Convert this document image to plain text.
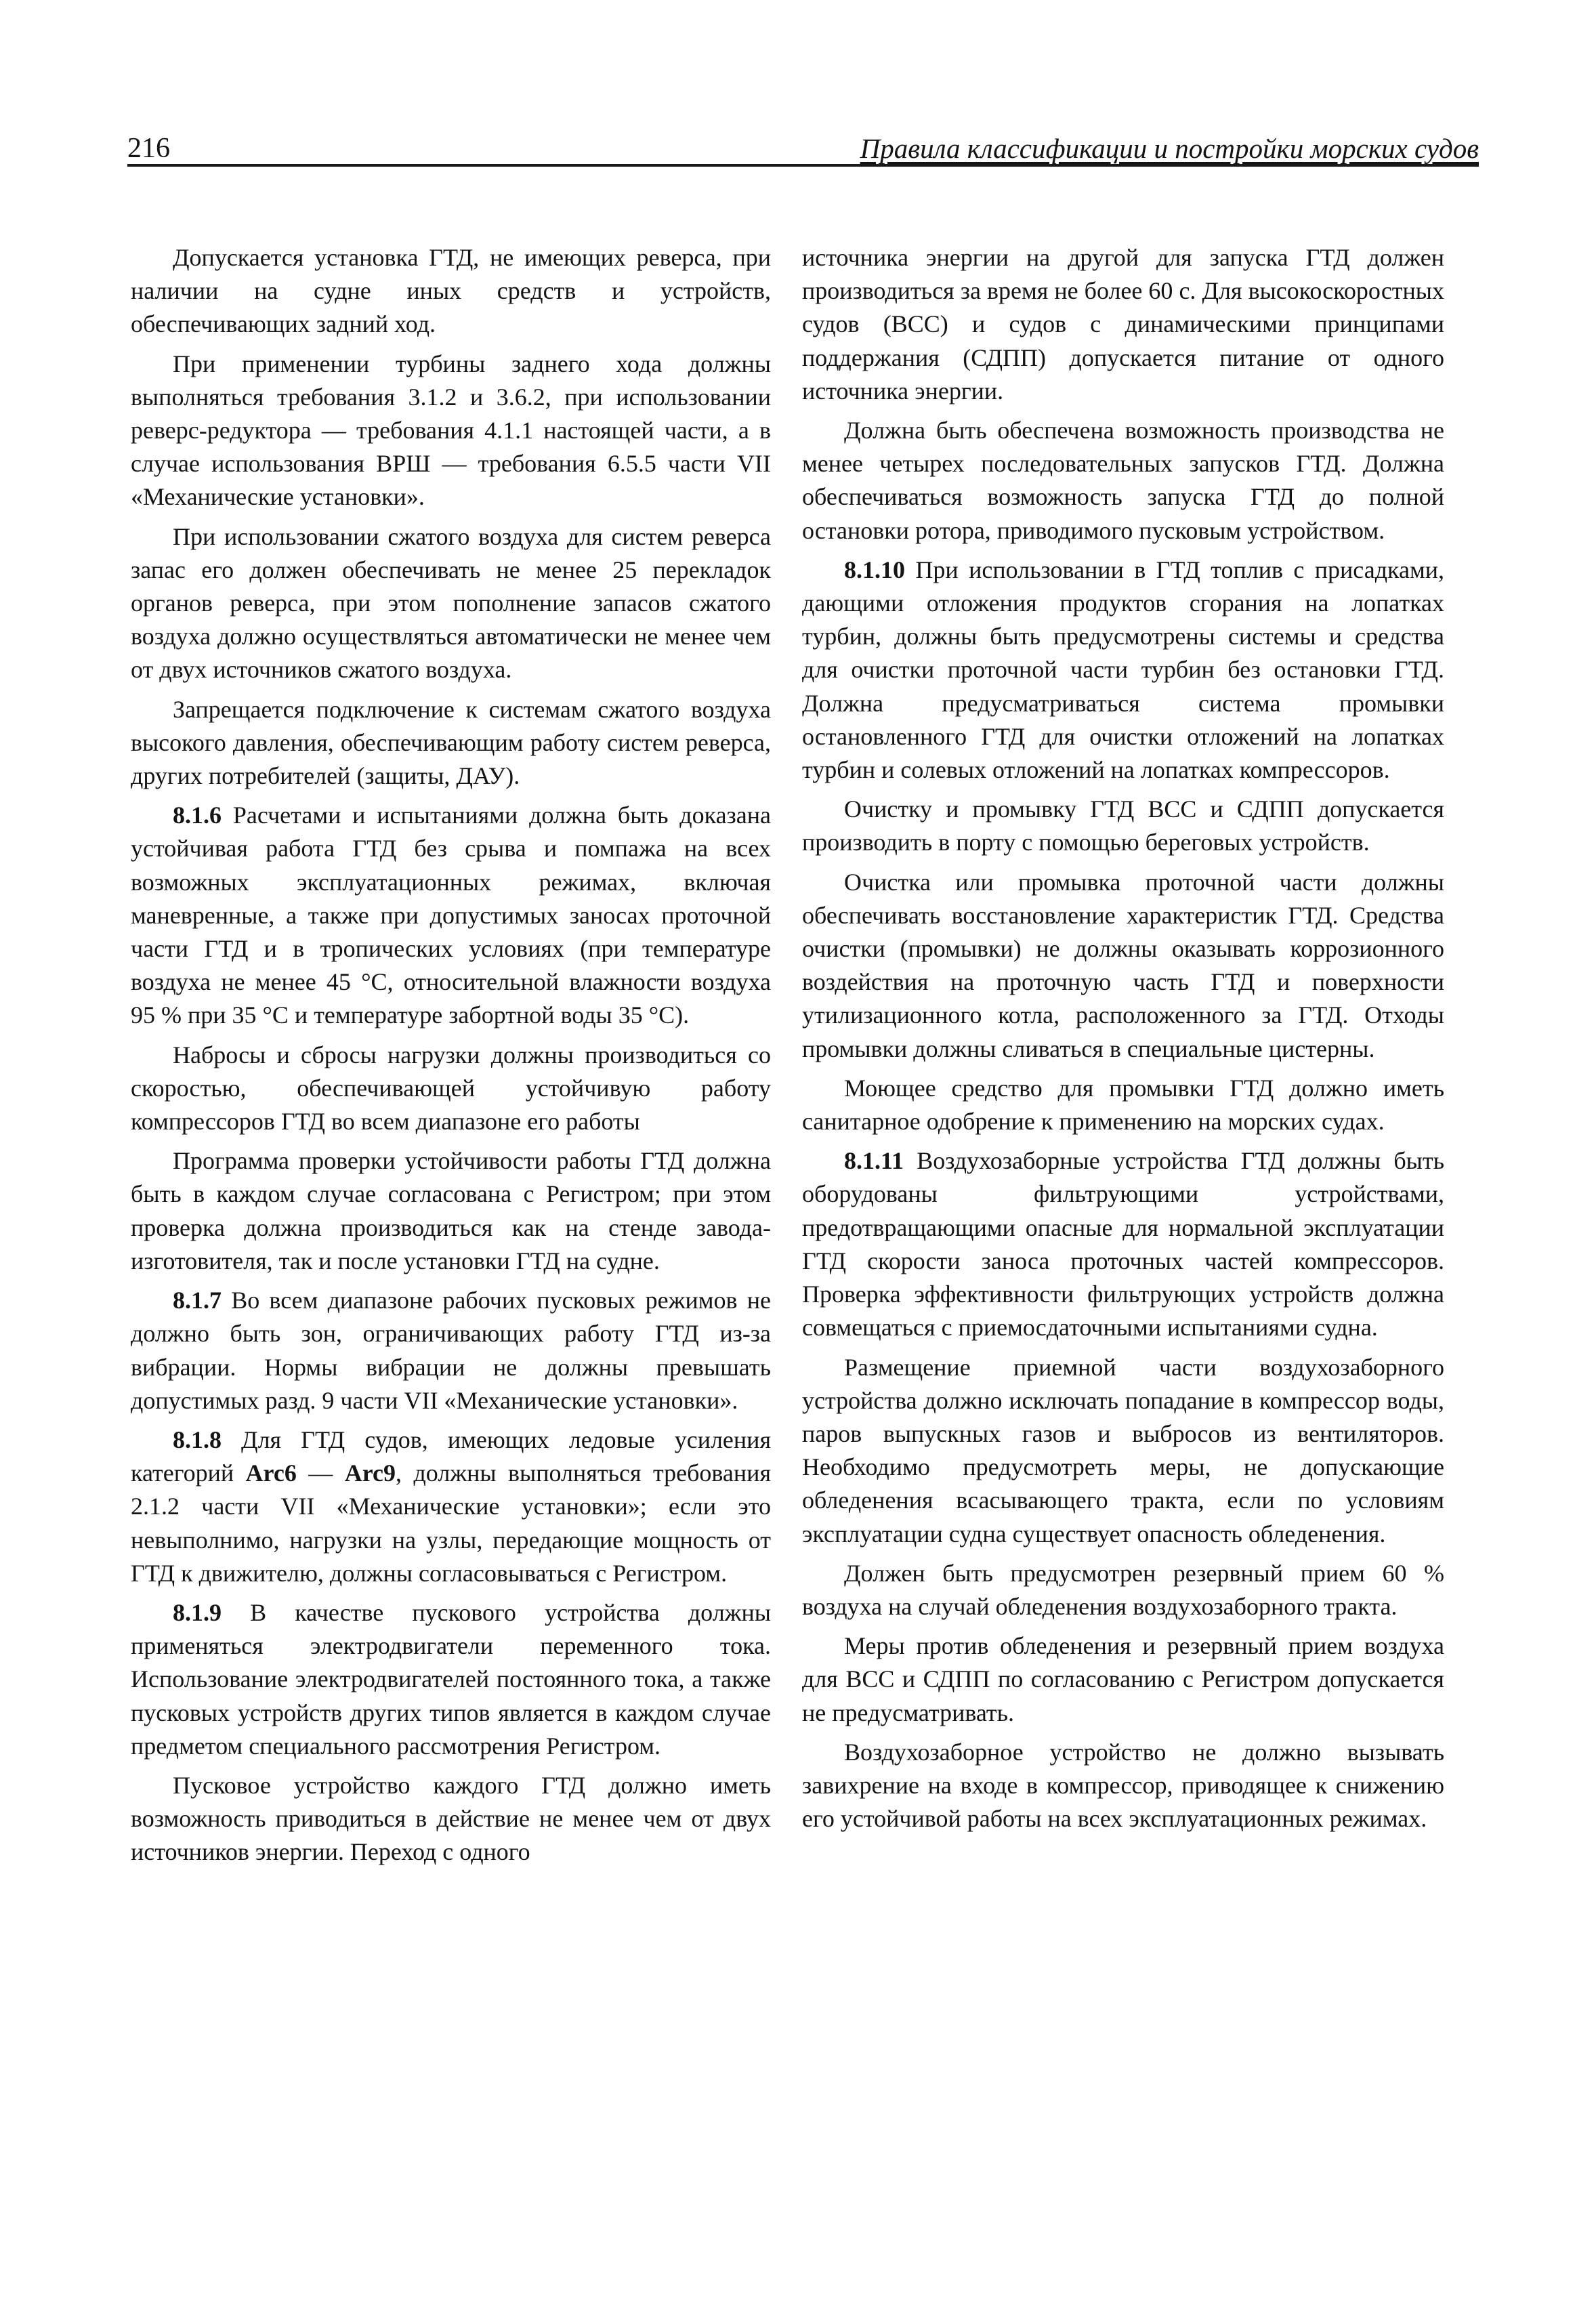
216	Правила классификации и постройки морских судов

Допускается установка ГТД, не имеющих реверса, при наличии на судне иных средств и устройств, обеспечивающих задний ход.

При применении турбины заднего хода должны выполняться требования 3.1.2 и 3.6.2, при использовании реверс-редуктора — требования 4.1.1 настоящей части, а в случае использования ВРШ — требования 6.5.5 части VII «Механические установки».

При использовании сжатого воздуха для систем реверса запас его должен обеспечивать не менее 25 перекладок органов реверса, при этом пополнение запасов сжатого воздуха должно осуществляться автоматически не менее чем от двух источников сжатого воздуха.

Запрещается подключение к системам сжатого воздуха высокого давления, обеспечивающим работу систем реверса, других потребителей (защиты, ДАУ).

8.1.6 Расчетами и испытаниями должна быть доказана устойчивая работа ГТД без срыва и помпажа на всех возможных эксплуатационных режимах, включая маневренные, а также при допустимых заносах проточной части ГТД и в тропических условиях (при температуре воздуха не менее 45 °С, относительной влажности воздуха 95 % при 35 °С и температуре забортной воды 35 °С).

Набросы и сбросы нагрузки должны производиться со скоростью, обеспечивающей устойчивую работу компрессоров ГТД во всем диапазоне его работы

Программа проверки устойчивости работы ГТД должна быть в каждом случае согласована с Регистром; при этом проверка должна производиться как на стенде завода-изготовителя, так и после установки ГТД на судне.

8.1.7 Во всем диапазоне рабочих пусковых режимов не должно быть зон, ограничивающих работу ГТД из-за вибрации. Нормы вибрации не должны превышать допустимых разд. 9 части VII «Механические установки».

8.1.8 Для ГТД судов, имеющих ледовые усиления категорий Arc6 — Arc9, должны выполняться требования 2.1.2 части VII «Механические установки»; если это невыполнимо, нагрузки на узлы, передающие мощность от ГТД к движителю, должны согласовываться с Регистром.

8.1.9 В качестве пускового устройства должны применяться электродвигатели переменного тока. Использование электродвигателей постоянного тока, а также пусковых устройств других типов является в каждом случае предметом специального рассмотрения Регистром.

Пусковое устройство каждого ГТД должно иметь возможность приводиться в действие не менее чем от двух источников энергии. Переход с одного

источника энергии на другой для запуска ГТД должен производиться за время не более 60 с. Для высокоскоростных судов (ВСС) и судов с динамическими принципами поддержания (СДПП) допускается питание от одного источника энергии.

Должна быть обеспечена возможность производства не менее четырех последовательных запусков ГТД. Должна обеспечиваться возможность запуска ГТД до полной остановки ротора, приводимого пусковым устройством.

8.1.10 При использовании в ГТД топлив с присадками, дающими отложения продуктов сгорания на лопатках турбин, должны быть предусмотрены системы и средства для очистки проточной части турбин без остановки ГТД. Должна предусматриваться система промывки остановленного ГТД для очистки отложений на лопатках турбин и солевых отложений на лопатках компрессоров.

Очистку и промывку ГТД ВСС и СДПП допускается производить в порту с помощью береговых устройств.

Очистка или промывка проточной части должны обеспечивать восстановление характеристик ГТД. Средства очистки (промывки) не должны оказывать коррозионного воздействия на проточную часть ГТД и поверхности утилизационного котла, расположенного за ГТД. Отходы промывки должны сливаться в специальные цистерны.

Моющее средство для промывки ГТД должно иметь санитарное одобрение к применению на морских судах.

8.1.11 Воздухозаборные устройства ГТД должны быть оборудованы фильтрующими устройствами, предотвращающими опасные для нормальной эксплуатации ГТД скорости заноса проточных частей компрессоров. Проверка эффективности фильтрующих устройств должна совмещаться с приемосдаточными испытаниями судна.

Размещение приемной части воздухозаборного устройства должно исключать попадание в компрессор воды, паров выпускных газов и выбросов из вентиляторов. Необходимо предусмотреть меры, не допускающие обледенения всасывающего тракта, если по условиям эксплуатации судна существует опасность обледенения.

Должен быть предусмотрен резервный прием 60 % воздуха на случай обледенения воздухозаборного тракта.

Меры против обледенения и резервный прием воздуха для ВСС и СДПП по согласованию с Регистром допускается не предусматривать.

Воздухозаборное устройство не должно вызывать завихрение на входе в компрессор, приводящее к снижению его устойчивой работы на всех эксплуатационных режимах.
